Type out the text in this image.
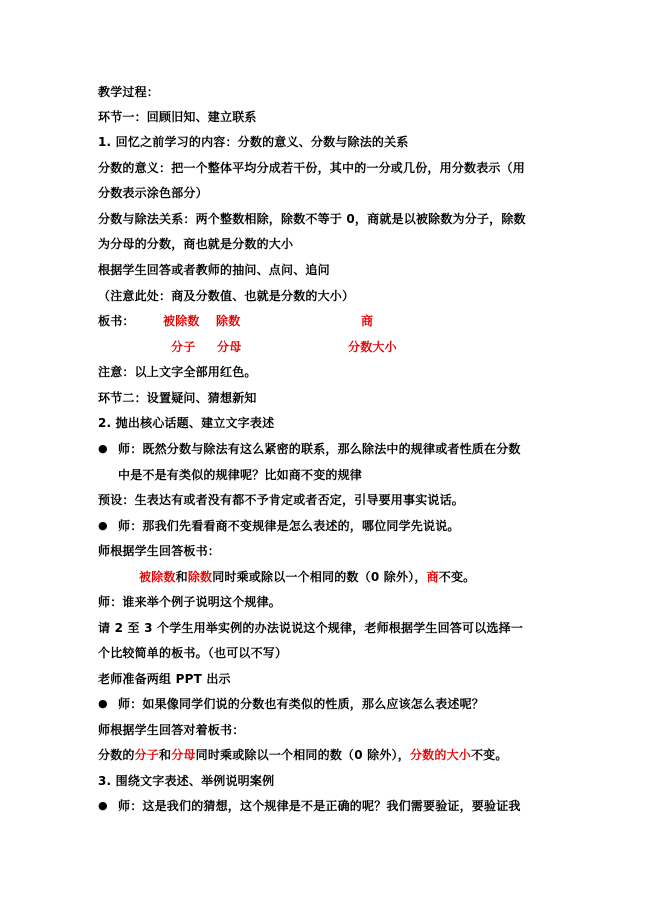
教学过程：
环节一：回顾旧知、建立联系
1. 回忆之前学习的内容：分数的意义、分数与除法的关系
分数的意义：把一个整体平均分成若干份，其中的一分或几份，用分数表示（用
分数表示涂色部分）
分数与除法关系：两个整数相除，除数不等于 0，商就是以被除数为分子，除数
为分母的分数，商也就是分数的大小
根据学生回答或者教师的抽问、点问、追问
（注意此处：商及分数值、也就是分数的大小）
板书： 被除数 除数	商
分子 分母	分数大小
注意：以上文字全部用红色。
环节二：设置疑问、猜想新知
2. 抛出核心话题、建立文字表述
● 师：既然分数与除法有这么紧密的联系，那么除法中的规律或者性质在分数
中是不是有类似的规律呢？比如商不变的规律
预设：生表达有或者没有都不予肯定或者否定，引导要用事实说话。
● 师：那我们先看看商不变规律是怎么表述的，哪位同学先说说。
师根据学生回答板书：
被除数和除数同时乘或除以一个相同的数（0 除外），商不变。
师：谁来举个例子说明这个规律。
请 2 至 3 个学生用举实例的办法说说这个规律，老师根据学生回答可以选择一
个比较简单的板书。（也可以不写）
老师准备两组 PPT 出示
● 师：如果像同学们说的分数也有类似的性质，那么应该怎么表述呢？
师根据学生回答对着板书：
分数的分子和分母同时乘或除以一个相同的数（0 除外），分数的大小不变。
3. 围绕文字表述、举例说明案例
● 师：这是我们的猜想，这个规律是不是正确的呢？我们需要验证，要验证我
